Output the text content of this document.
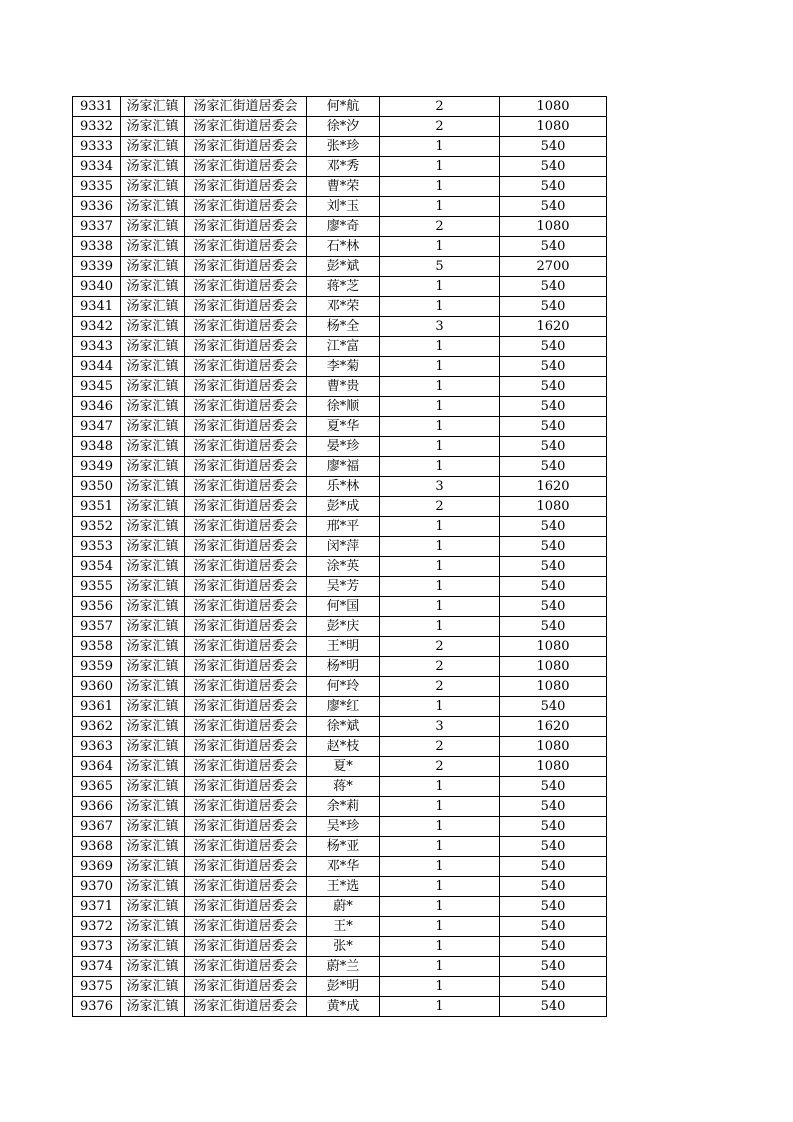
9331	汤家汇镇	汤家汇街道居委会	何*航	2	1080
9332	汤家汇镇	汤家汇街道居委会	徐*汐	2	1080
9333	汤家汇镇	汤家汇街道居委会	张*珍	1	540
9334	汤家汇镇	汤家汇街道居委会	邓*秀	1	540
9335	汤家汇镇	汤家汇街道居委会	曹*荣	1	540
9336	汤家汇镇	汤家汇街道居委会	刘*玉	1	540
9337	汤家汇镇	汤家汇街道居委会	廖*奇	2	1080
9338	汤家汇镇	汤家汇街道居委会	石*林	1	540
9339	汤家汇镇	汤家汇街道居委会	彭*斌	5	2700
9340	汤家汇镇	汤家汇街道居委会	蒋*芝	1	540
9341	汤家汇镇	汤家汇街道居委会	邓*荣	1	540
9342	汤家汇镇	汤家汇街道居委会	杨*全	3	1620
9343	汤家汇镇	汤家汇街道居委会	江*富	1	540
9344	汤家汇镇	汤家汇街道居委会	李*菊	1	540
9345	汤家汇镇	汤家汇街道居委会	曹*贵	1	540
9346	汤家汇镇	汤家汇街道居委会	徐*顺	1	540
9347	汤家汇镇	汤家汇街道居委会	夏*华	1	540
9348	汤家汇镇	汤家汇街道居委会	晏*珍	1	540
9349	汤家汇镇	汤家汇街道居委会	廖*福	1	540
9350	汤家汇镇	汤家汇街道居委会	乐*林	3	1620
9351	汤家汇镇	汤家汇街道居委会	彭*成	2	1080
9352	汤家汇镇	汤家汇街道居委会	邢*平	1	540
9353	汤家汇镇	汤家汇街道居委会	闵*萍	1	540
9354	汤家汇镇	汤家汇街道居委会	涂*英	1	540
9355	汤家汇镇	汤家汇街道居委会	吴*芳	1	540
9356	汤家汇镇	汤家汇街道居委会	何*国	1	540
9357	汤家汇镇	汤家汇街道居委会	彭*庆	1	540
9358	汤家汇镇	汤家汇街道居委会	王*明	2	1080
9359	汤家汇镇	汤家汇街道居委会	杨*明	2	1080
9360	汤家汇镇	汤家汇街道居委会	何*玲	2	1080
9361	汤家汇镇	汤家汇街道居委会	廖*红	1	540
9362	汤家汇镇	汤家汇街道居委会	徐*斌	3	1620
9363	汤家汇镇	汤家汇街道居委会	赵*枝	2	1080
9364	汤家汇镇	汤家汇街道居委会	夏*	2	1080
9365	汤家汇镇	汤家汇街道居委会	蒋*	1	540
9366	汤家汇镇	汤家汇街道居委会	余*莉	1	540
9367	汤家汇镇	汤家汇街道居委会	吴*珍	1	540
9368	汤家汇镇	汤家汇街道居委会	杨*亚	1	540
9369	汤家汇镇	汤家汇街道居委会	邓*华	1	540
9370	汤家汇镇	汤家汇街道居委会	王*选	1	540
9371	汤家汇镇	汤家汇街道居委会	蔚*	1	540
9372	汤家汇镇	汤家汇街道居委会	王*	1	540
9373	汤家汇镇	汤家汇街道居委会	张*	1	540
9374	汤家汇镇	汤家汇街道居委会	蔚*兰	1	540
9375	汤家汇镇	汤家汇街道居委会	彭*明	1	540
9376	汤家汇镇	汤家汇街道居委会	黄*成	1	540
